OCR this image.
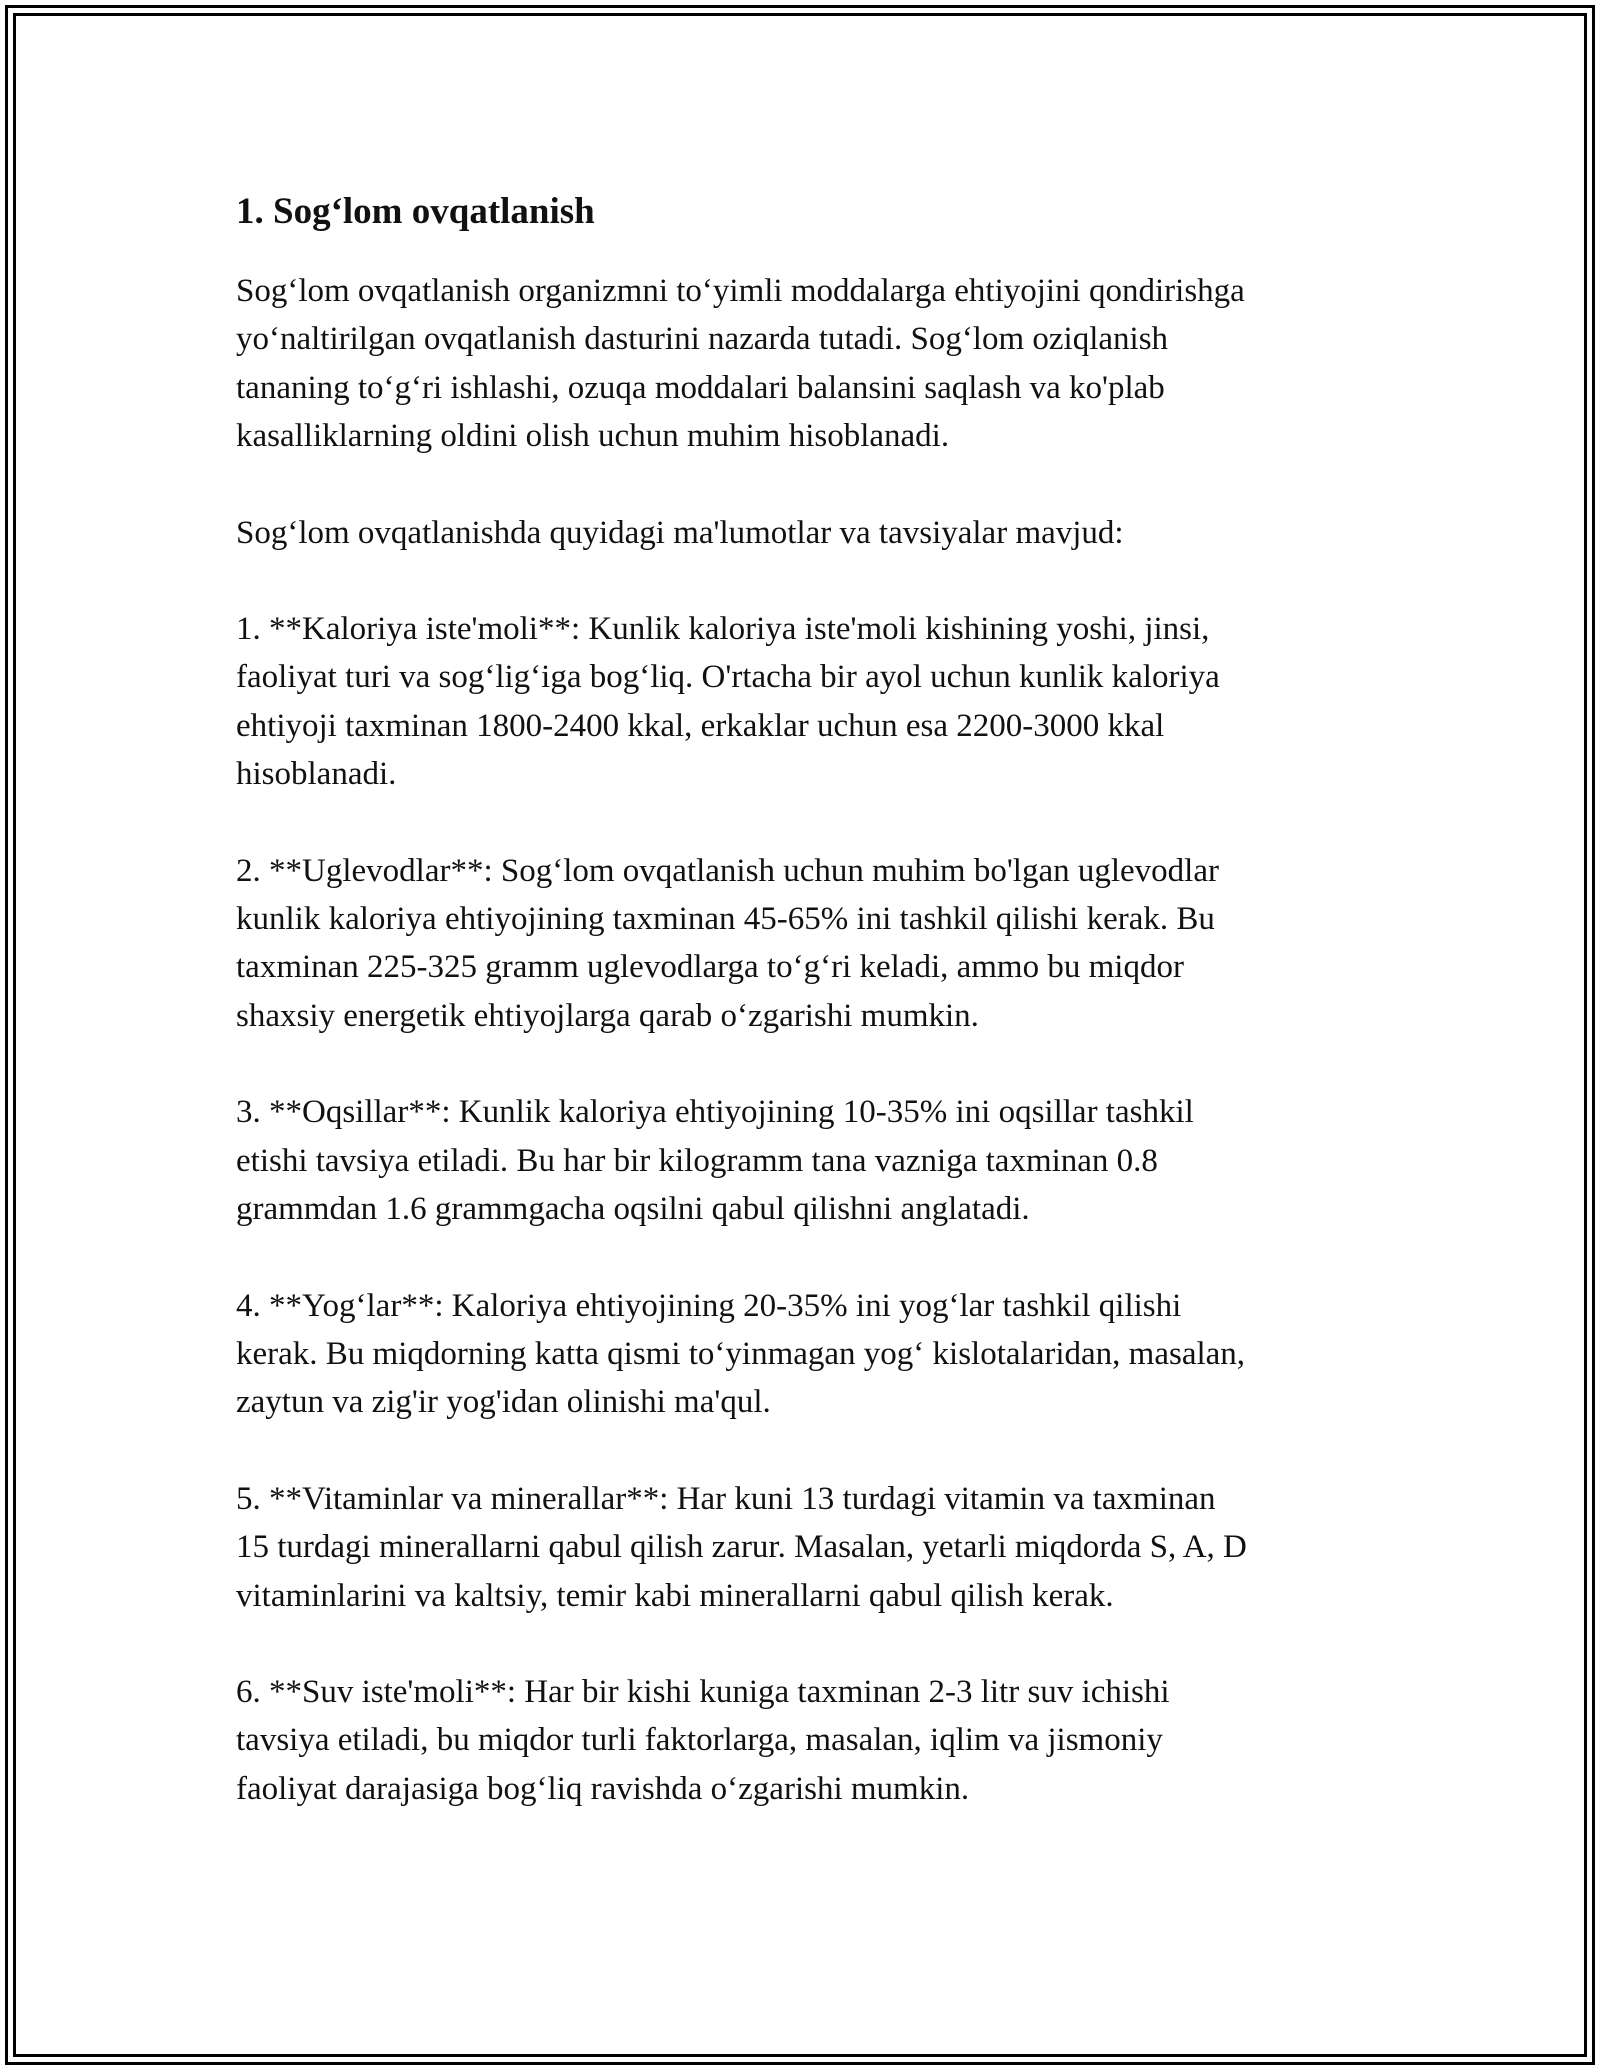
1. Sog‘lom ovqatlanish

Sog‘lom ovqatlanish organizmni to‘yimli moddalarga ehtiyojini qondirishga
yo‘naltirilgan ovqatlanish dasturini nazarda tutadi. Sog‘lom oziqlanish
tananing to‘g‘ri ishlashi, ozuqa moddalari balansini saqlash va ko'plab
kasalliklarning oldini olish uchun muhim hisoblanadi.

Sog‘lom ovqatlanishda quyidagi ma'lumotlar va tavsiyalar mavjud:

1. **Kaloriya iste'moli**: Kunlik kaloriya iste'moli kishining yoshi, jinsi,
faoliyat turi va sog‘lig‘iga bog‘liq. O'rtacha bir ayol uchun kunlik kaloriya
ehtiyoji taxminan 1800-2400 kkal, erkaklar uchun esa 2200-3000 kkal
hisoblanadi.

2. **Uglevodlar**: Sog‘lom ovqatlanish uchun muhim bo'lgan uglevodlar
kunlik kaloriya ehtiyojining taxminan 45-65% ini tashkil qilishi kerak. Bu
taxminan 225-325 gramm uglevodlarga to‘g‘ri keladi, ammo bu miqdor
shaxsiy energetik ehtiyojlarga qarab o‘zgarishi mumkin.

3. **Oqsillar**: Kunlik kaloriya ehtiyojining 10-35% ini oqsillar tashkil
etishi tavsiya etiladi. Bu har bir kilogramm tana vazniga taxminan 0.8
grammdan 1.6 grammgacha oqsilni qabul qilishni anglatadi.

4. **Yog‘lar**: Kaloriya ehtiyojining 20-35% ini yog‘lar tashkil qilishi
kerak. Bu miqdorning katta qismi to‘yinmagan yog‘ kislotalaridan, masalan,
zaytun va zig'ir yog'idan olinishi ma'qul.

5. **Vitaminlar va minerallar**: Har kuni 13 turdagi vitamin va taxminan
15 turdagi minerallarni qabul qilish zarur. Masalan, yetarli miqdorda S, A, D
vitaminlarini va kaltsiy, temir kabi minerallarni qabul qilish kerak.

6. **Suv iste'moli**: Har bir kishi kuniga taxminan 2-3 litr suv ichishi
tavsiya etiladi, bu miqdor turli faktorlarga, masalan, iqlim va jismoniy
faoliyat darajasiga bog‘liq ravishda o‘zgarishi mumkin.
